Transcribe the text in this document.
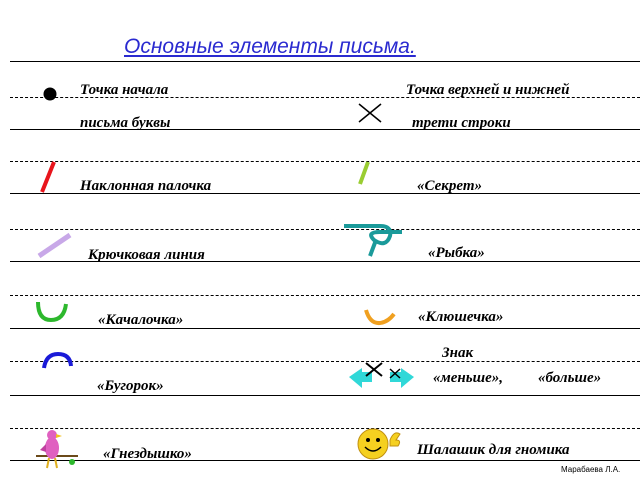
Основные элементы письма.
Точка начала
письма буквы
Наклонная палочка
Крючковая линия
«Качалочка»
«Бугорок»
«Гнездышко»
Точка верхней и нижней
трети строки
«Секрет»
«Рыбка»
«Клюшечка»
Знак
«меньше», «больше»
Шалашик для гномика
Марабаева Л.А.
